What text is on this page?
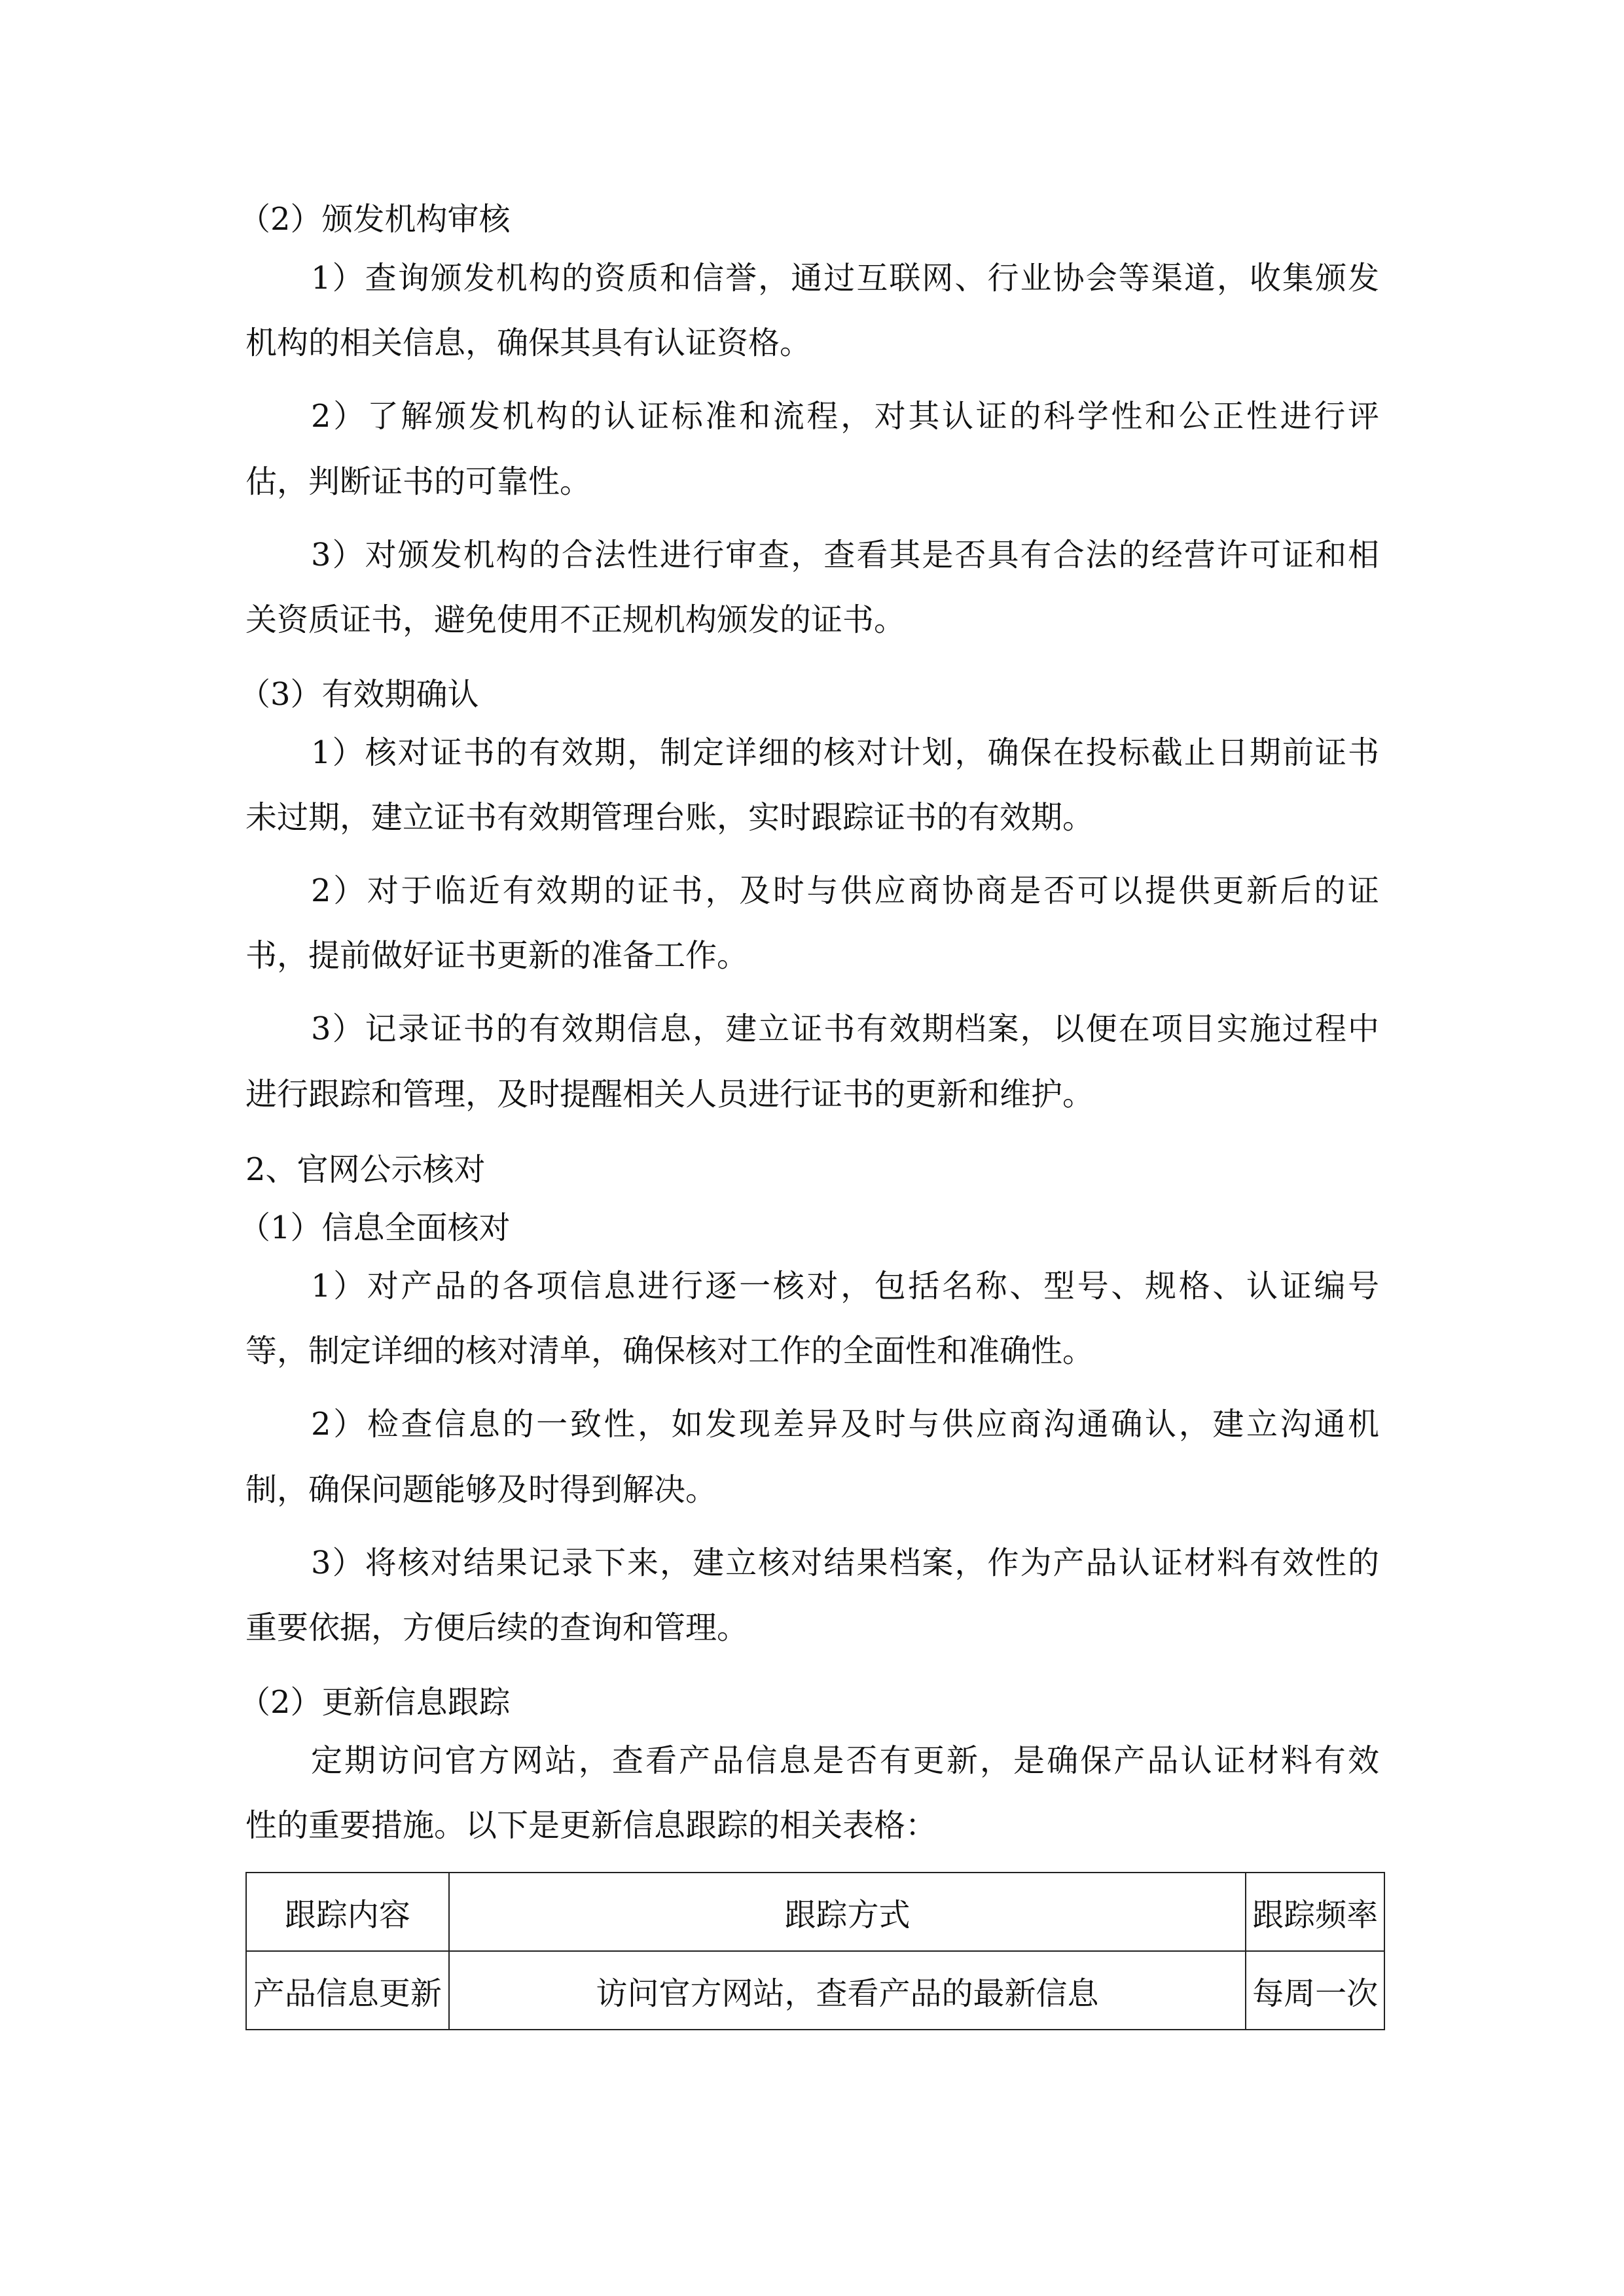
（2）颁发机构审核
1）查询颁发机构的资质和信誉，通过互联网、行业协会等渠道，收集颁发
机构的相关信息，确保其具有认证资格。
2）了解颁发机构的认证标准和流程，对其认证的科学性和公正性进行评
估，判断证书的可靠性。
3）对颁发机构的合法性进行审查，查看其是否具有合法的经营许可证和相
关资质证书，避免使用不正规机构颁发的证书。
（3）有效期确认
1）核对证书的有效期，制定详细的核对计划，确保在投标截止日期前证书
未过期，建立证书有效期管理台账，实时跟踪证书的有效期。
2）对于临近有效期的证书，及时与供应商协商是否可以提供更新后的证
书，提前做好证书更新的准备工作。
3）记录证书的有效期信息，建立证书有效期档案，以便在项目实施过程中
进行跟踪和管理，及时提醒相关人员进行证书的更新和维护。
2、官网公示核对
（1）信息全面核对
1）对产品的各项信息进行逐一核对，包括名称、型号、规格、认证编号
等，制定详细的核对清单，确保核对工作的全面性和准确性。
2）检查信息的一致性，如发现差异及时与供应商沟通确认，建立沟通机
制，确保问题能够及时得到解决。
3）将核对结果记录下来，建立核对结果档案，作为产品认证材料有效性的
重要依据，方便后续的查询和管理。
（2）更新信息跟踪
定期访问官方网站，查看产品信息是否有更新，是确保产品认证材料有效
性的重要措施。以下是更新信息跟踪的相关表格：
跟踪内容	跟踪方式	跟踪频率
产品信息更新	访问官方网站，查看产品的最新信息	每周一次
